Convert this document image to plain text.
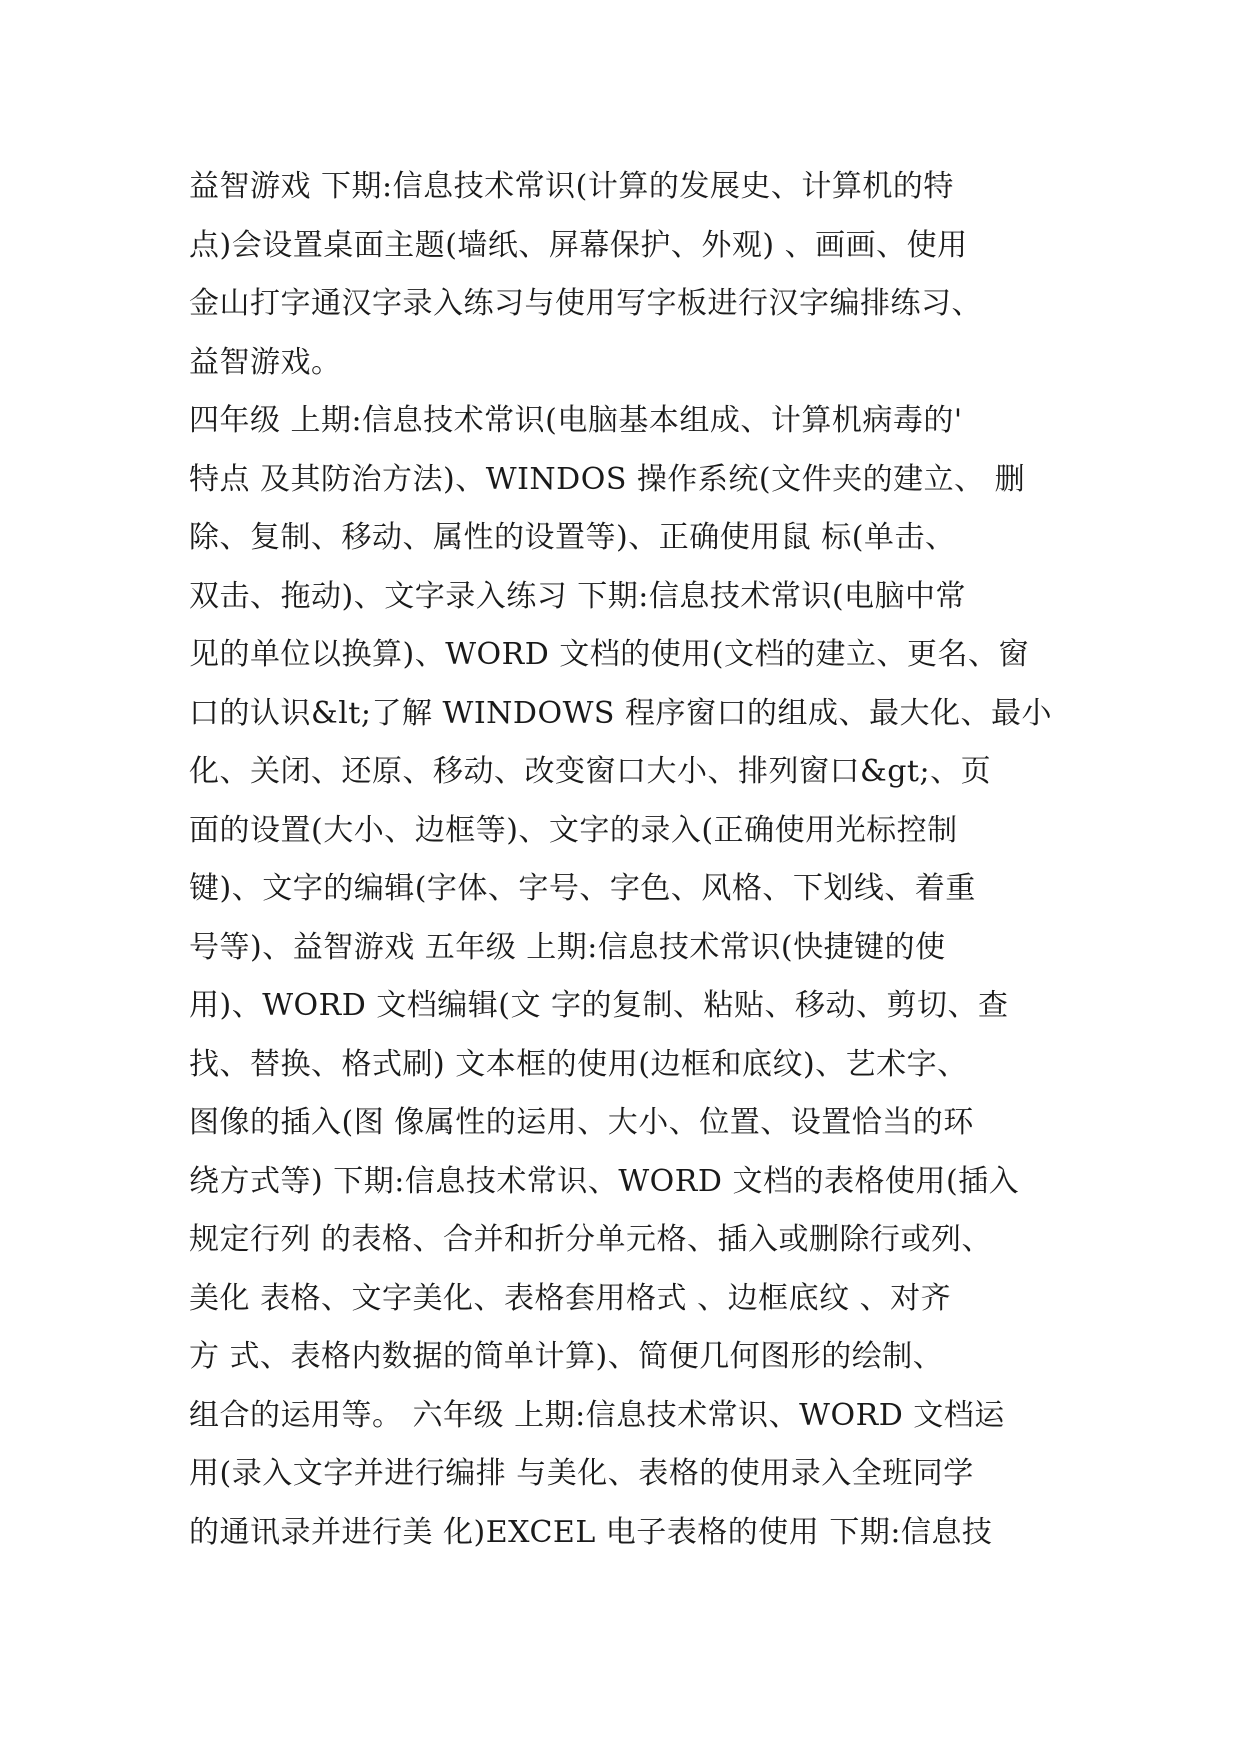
益智游戏 下期:信息技术常识(计算的发展史、计算机的特
点)会设置桌面主题(墙纸、屏幕保护、外观) 、画画、使用
金山打字通汉字录入练习与使用写字板进行汉字编排练习、
益智游戏。
四年级 上期:信息技术常识(电脑基本组成、计算机病毒的'
特点 及其防治方法)、WINDOS 操作系统(文件夹的建立、 删
除、复制、移动、属性的设置等)、正确使用鼠 标(单击、
双击、拖动)、文字录入练习 下期:信息技术常识(电脑中常
见的单位以换算)、WORD 文档的使用(文档的建立、更名、窗
口的认识&lt;了解 WINDOWS 程序窗口的组成、最大化、最小
化、关闭、还原、移动、改变窗口大小、排列窗口&gt;、页
面的设置(大小、边框等)、文字的录入(正确使用光标控制
键)、文字的编辑(字体、字号、字色、风格、下划线、着重
号等)、益智游戏 五年级 上期:信息技术常识(快捷键的使
用)、WORD 文档编辑(文 字的复制、粘贴、移动、剪切、查
找、替换、格式刷) 文本框的使用(边框和底纹)、艺术字、
图像的插入(图 像属性的运用、大小、位置、设置恰当的环
绕方式等) 下期:信息技术常识、WORD 文档的表格使用(插入
规定行列 的表格、合并和折分单元格、插入或删除行或列、
美化 表格、文字美化、表格套用格式 、边框底纹 、对齐
方 式、表格内数据的简单计算)、简便几何图形的绘制、
组合的运用等。 六年级 上期:信息技术常识、WORD 文档运
用(录入文字并进行编排 与美化、表格的使用录入全班同学
的通讯录并进行美 化)EXCEL 电子表格的使用 下期:信息技
